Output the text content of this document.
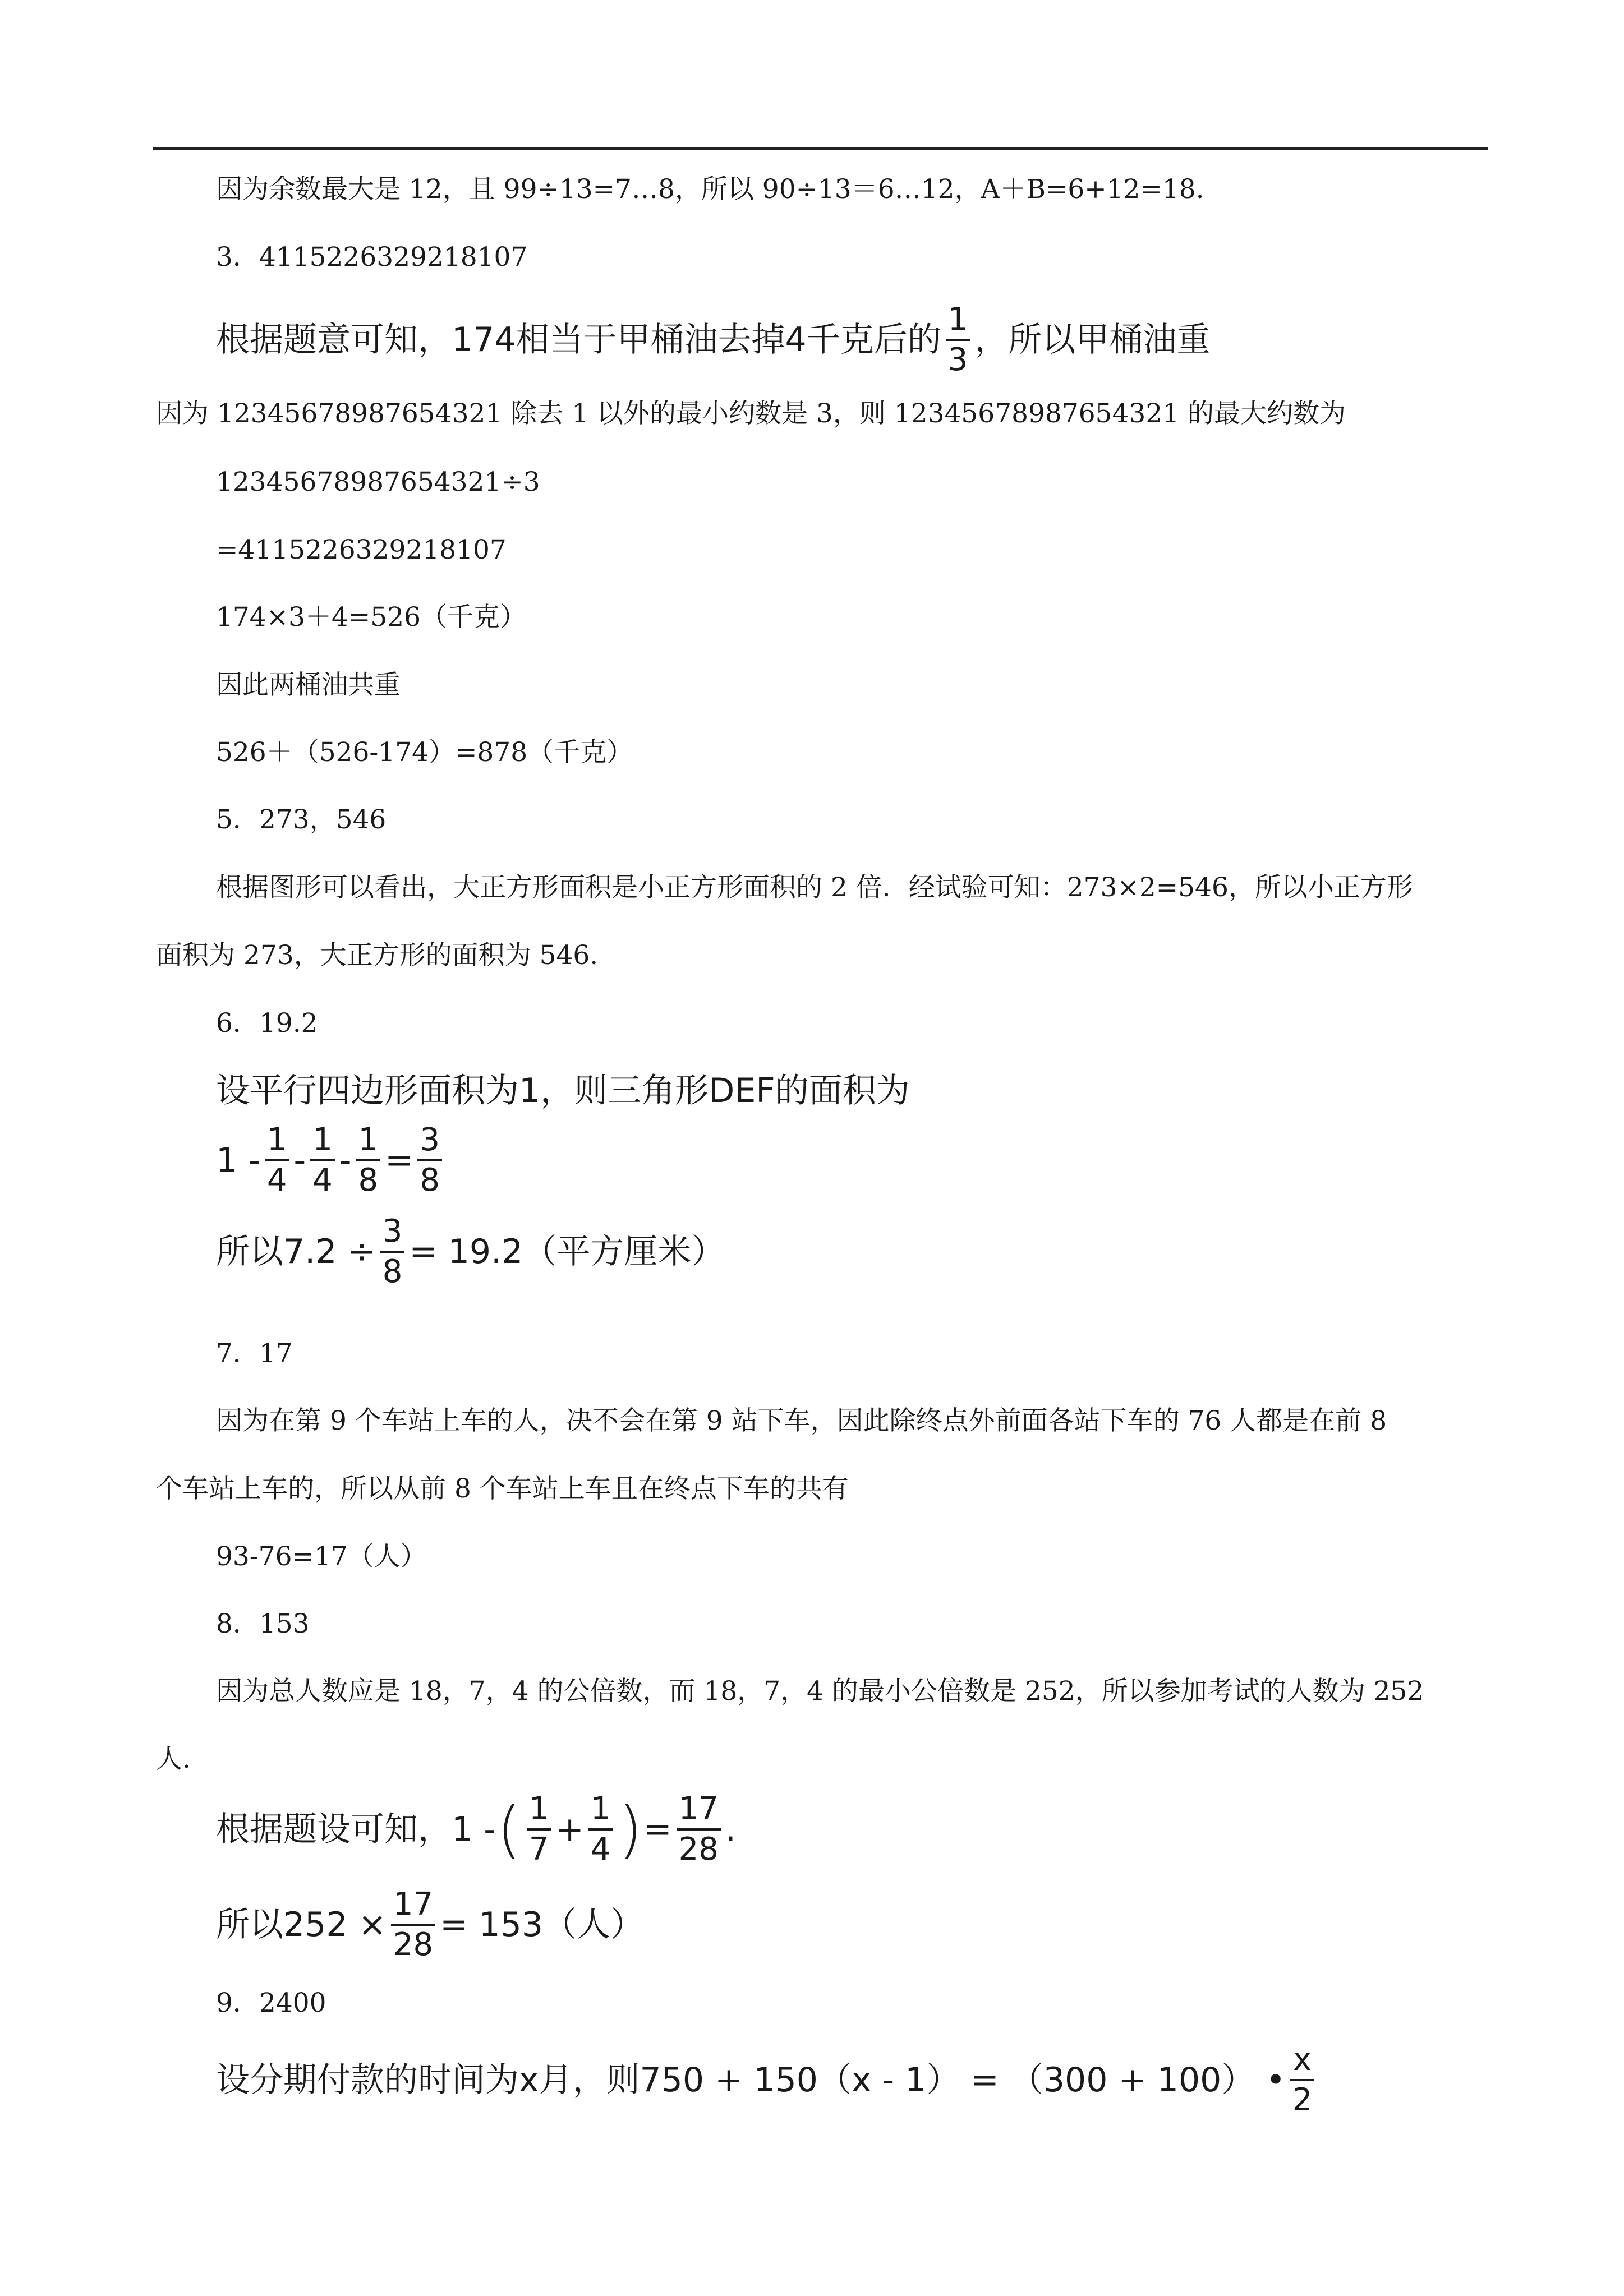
因为余数最大是 12，且 99÷13=7…8，所以 90÷13＝6…12，A＋B=6+12=18.
3．4115226329218107
根据题意可知，174相当于甲桶油去掉4千克后的 $\frac{1}{3}$ ，所以甲桶油重
因为 12345678987654321 除去 1 以外的最小约数是 3，则 12345678987654321 的最大约数为
12345678987654321÷3
=4115226329218107
174×3＋4=526（千克）
因此两桶油共重
526＋（526-174）=878（千克）
5．273，546
根据图形可以看出，大正方形面积是小正方形面积的 2 倍．经试验可知：273×2=546，所以小正方形
面积为 273，大正方形的面积为 546.
6．19.2
设平行四边形面积为1，则三角形DEF的面积为
$1 - \frac{1}{4} - \frac{1}{4} - \frac{1}{8} = \frac{3}{8}$
所以$7.2 \div \frac{3}{8} = 19.2$（平方厘米）
7．17
因为在第 9 个车站上车的人，决不会在第 9 站下车，因此除终点外前面各站下车的 76 人都是在前 8
个车站上车的，所以从前 8 个车站上车且在终点下车的共有
93-76=17（人）
8．153
因为总人数应是 18，7，4 的公倍数，而 18，7，4 的最小公倍数是 252，所以参加考试的人数为 252
人.
根据题设可知，1 - ( $\frac{1}{7} + \frac{1}{4}$ ) = $\frac{17}{28}$ .
所以$252 \times \frac{17}{28} = 153$（人）
9．2400
设分期付款的时间为x月，则750 + 150（x - 1） = （300 + 100） • $\frac{x}{2}$
